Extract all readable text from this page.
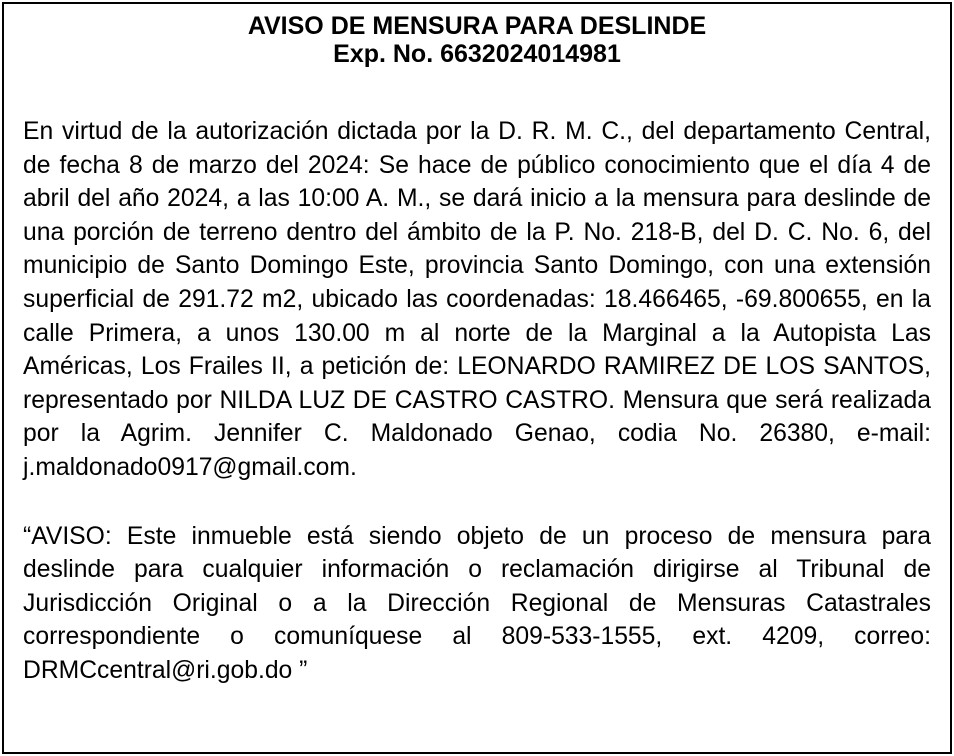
AVISO DE MENSURA PARA DESLINDE
Exp. No. 6632024014981

En virtud de la autorización dictada por la D. R. M. C., del departamento Central, de fecha 8 de marzo del 2024: Se hace de público conocimiento que el día 4 de abril del año 2024, a las 10:00 A. M., se dará inicio a la mensura para deslinde de una porción de terreno dentro del ámbito de la P. No. 218-B, del D. C. No. 6, del municipio de Santo Domingo Este, provincia Santo Domingo, con una extensión superficial de 291.72 m2, ubicado las coordenadas: 18.466465, -69.800655, en la calle Primera, a unos 130.00 m al norte de la Marginal a la Autopista Las Américas, Los Frailes II, a petición de: LEONARDO RAMIREZ DE LOS SANTOS, representado por NILDA LUZ DE CASTRO CASTRO. Mensura que será realizada por la Agrim. Jennifer C. Maldonado Genao, codia No. 26380, e-mail: j.maldonado0917@gmail.com.

“AVISO: Este inmueble está siendo objeto de un proceso de mensura para deslinde para cualquier información o reclamación dirigirse al Tribunal de Jurisdicción Original o a la Dirección Regional de Mensuras Catastrales correspondiente o comuníquese al 809-533-1555, ext. 4209, correo: DRMCcentral@ri.gob.do ”
